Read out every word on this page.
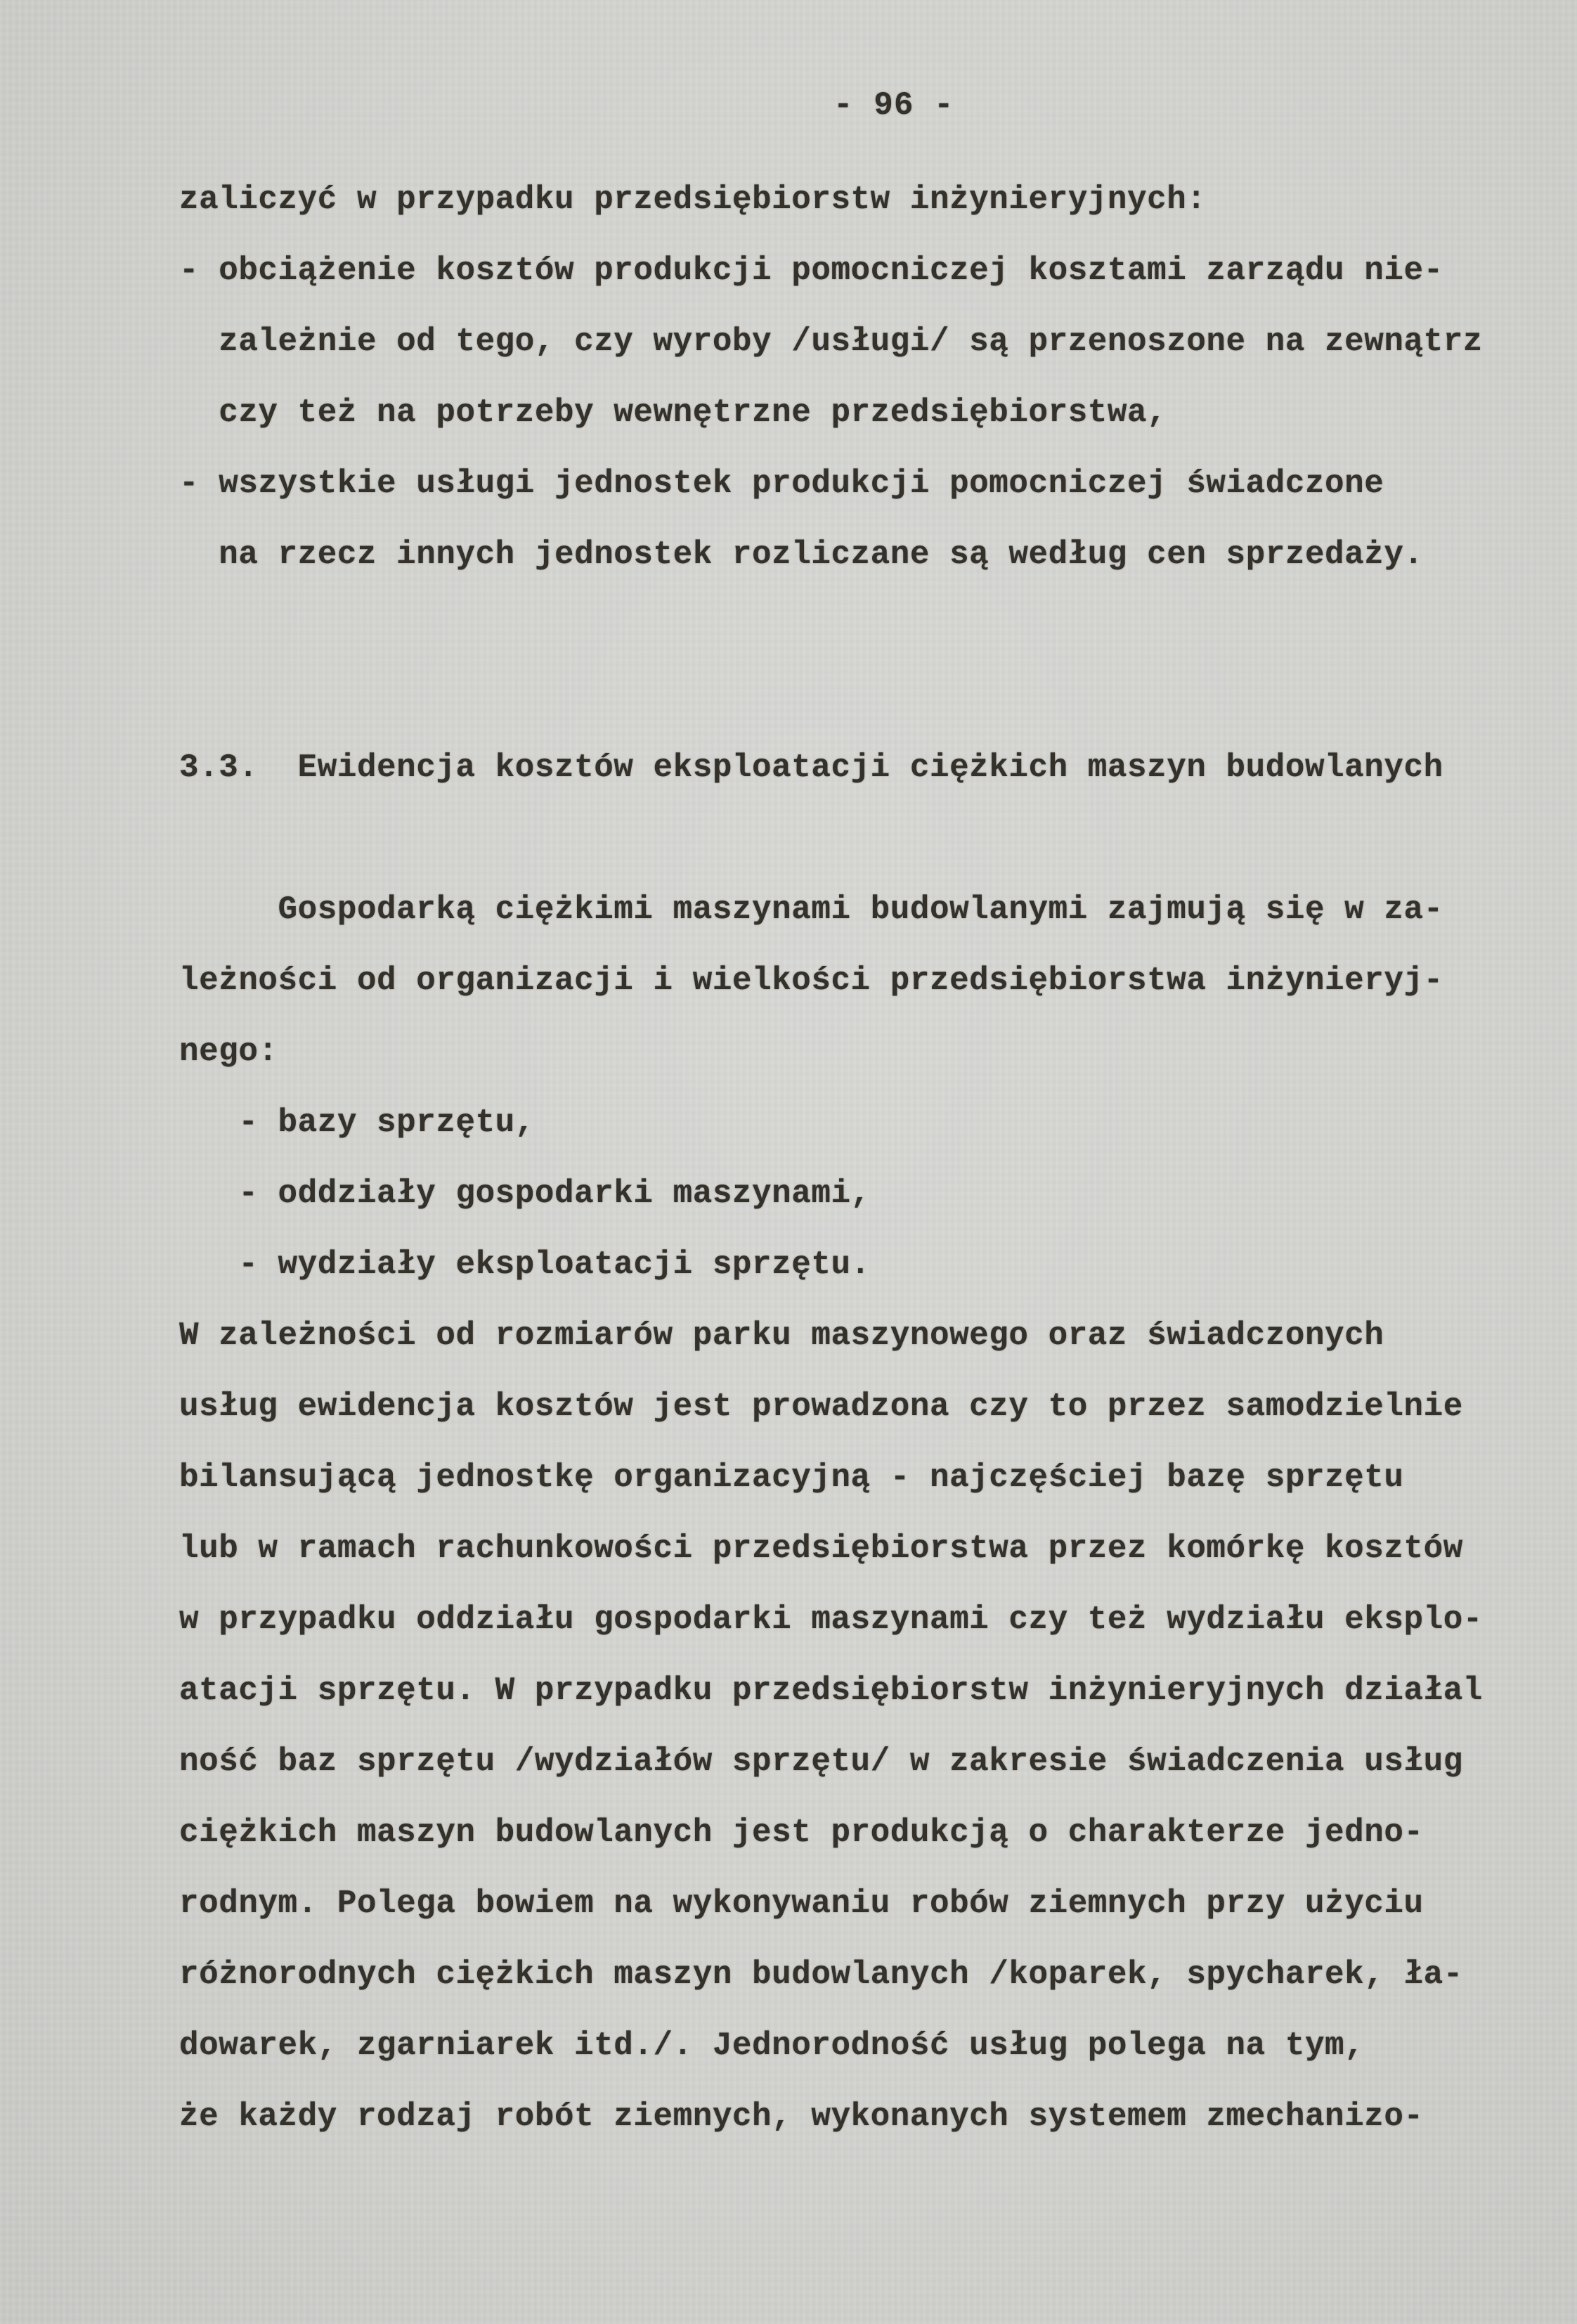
- 96 -
zaliczyć w przypadku przedsiębiorstw inżynieryjnych:
- obciążenie kosztów produkcji pomocniczej kosztami zarządu nie-
zależnie od tego, czy wyroby /usługi/ są przenoszone na zewnątrz
czy też na potrzeby wewnętrzne przedsiębiorstwa,
- wszystkie usługi jednostek produkcji pomocniczej świadczone
na rzecz innych jednostek rozliczane są według cen sprzedaży.

3.3.  Ewidencja kosztów eksploatacji ciężkich maszyn budowlanych

Gospodarką ciężkimi maszynami budowlanymi zajmują się w za-
leżności od organizacji i wielkości przedsiębiorstwa inżynieryj-
nego:
- bazy sprzętu,
- oddziały gospodarki maszynami,
- wydziały eksploatacji sprzętu.
W zależności od rozmiarów parku maszynowego oraz świadczonych
usług ewidencja kosztów jest prowadzona czy to przez samodzielnie
bilansującą jednostkę organizacyjną - najczęściej bazę sprzętu
lub w ramach rachunkowości przedsiębiorstwa przez komórkę kosztów
w przypadku oddziału gospodarki maszynami czy też wydziału eksplo-
atacji sprzętu. W przypadku przedsiębiorstw inżynieryjnych działal
ność baz sprzętu /wydziałów sprzętu/ w zakresie świadczenia usług
ciężkich maszyn budowlanych jest produkcją o charakterze jedno-
rodnym. Polega bowiem na wykonywaniu robów ziemnych przy użyciu
różnorodnych ciężkich maszyn budowlanych /koparek, spycharek, ła-
dowarek, zgarniarek itd./. Jednorodność usług polega na tym,
że każdy rodzaj robót ziemnych, wykonanych systemem zmechanizo-
